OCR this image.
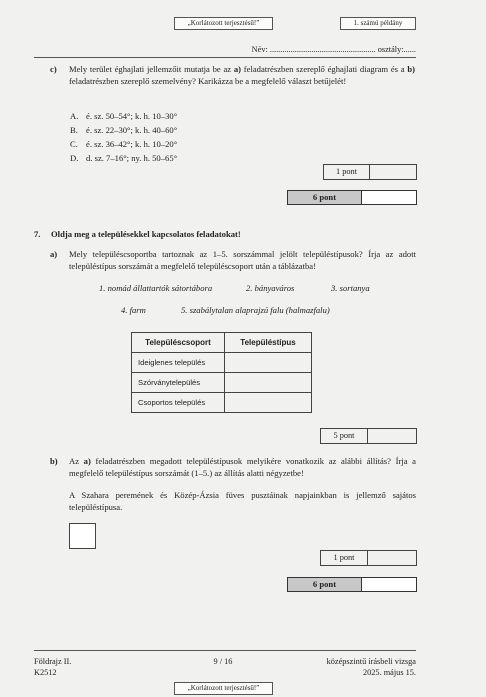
„Korlátozott terjesztésű!”	1. számú példány
Név: ................................................... osztály:......
c) Mely terület éghajlati jellemzőit mutatja be az a) feladatrészben szereplő éghajlati diagram és a b) feladatrészben szereplő szemelvény? Karikázza be a megfelelő választ betűjelét!
A. é. sz. 50–54°; k. h. 10–30°
B. é. sz. 22–30°; k. h. 40–60°
C. é. sz. 36–42°; k. h. 10–20°
D. d. sz. 7–16°; ny. h. 50–65°
1 pont
6 pont
7. Oldja meg a településekkel kapcsolatos feladatokat!
a) Mely településcsoportba tartoznak az 1–5. sorszámmal jelölt településtípusok? Írja az adott településtípus sorszámát a megfelelő településcsoport után a táblázatba!
1. nomád állattartók sátortábora	2. bányaváros	3. sortanya
4. farm	5. szabálytalan alaprajzú falu (halmazfalu)
Településcsoport	Településtípus
Ideiglenes település	
Szórványtelepülés	
Csoportos település	
5 pont
b) Az a) feladatrészben megadott településtípusok melyikére vonatkozik az alábbi állítás? Írja a megfelelő településtípus sorszámát (1–5.) az állítás alatti négyzetbe!
A Szahara peremének és Közép-Ázsia füves pusztáinak napjainkban is jellemző sajátos településtípusa.
1 pont
6 pont
Földrajz II.
K2512
9 / 16	középszintű írásbeli vizsga
2025. május 15.
„Korlátozott terjesztésű!”
